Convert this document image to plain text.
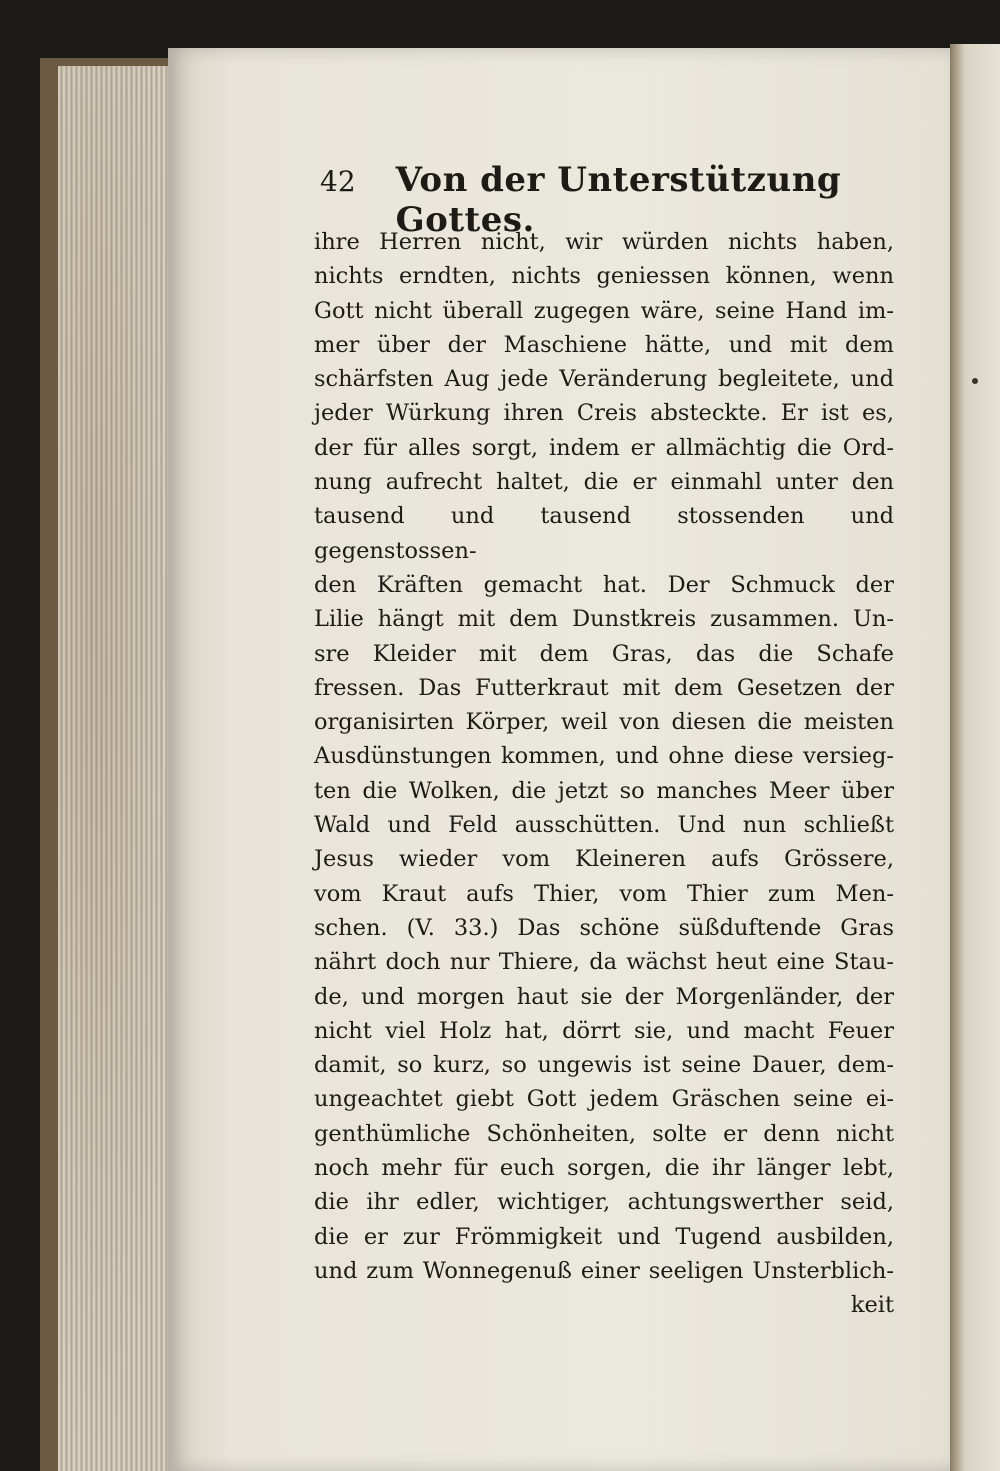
42 Von der Unterstützung Gottes.
ihre Herren nicht, wir würden nichts haben,
nichts erndten, nichts geniessen können, wenn
Gott nicht überall zugegen wäre, seine Hand im-
mer über der Maschiene hätte, und mit dem
schärfsten Aug jede Veränderung begleitete, und
jeder Würkung ihren Creis absteckte. Er ist es,
der für alles sorgt, indem er allmächtig die Ord-
nung aufrecht haltet, die er einmahl unter den
tausend und tausend stossenden und gegenstossen-
den Kräften gemacht hat. Der Schmuck der
Lilie hängt mit dem Dunstkreis zusammen. Un-
sre Kleider mit dem Gras, das die Schafe
fressen. Das Futterkraut mit dem Gesetzen der
organisirten Körper, weil von diesen die meisten
Ausdünstungen kommen, und ohne diese versieg-
ten die Wolken, die jetzt so manches Meer über
Wald und Feld ausschütten. Und nun schließt
Jesus wieder vom Kleineren aufs Grössere,
vom Kraut aufs Thier, vom Thier zum Men-
schen. (V. 33.) Das schöne süßduftende Gras
nährt doch nur Thiere, da wächst heut eine Stau-
de, und morgen haut sie der Morgenländer, der
nicht viel Holz hat, dörrt sie, und macht Feuer
damit, so kurz, so ungewis ist seine Dauer, dem-
ungeachtet giebt Gott jedem Gräschen seine ei-
genthümliche Schönheiten, solte er denn nicht
noch mehr für euch sorgen, die ihr länger lebt,
die ihr edler, wichtiger, achtungswerther seid,
die er zur Frömmigkeit und Tugend ausbilden,
und zum Wonnegenuß einer seeligen Unsterblich-
keit
